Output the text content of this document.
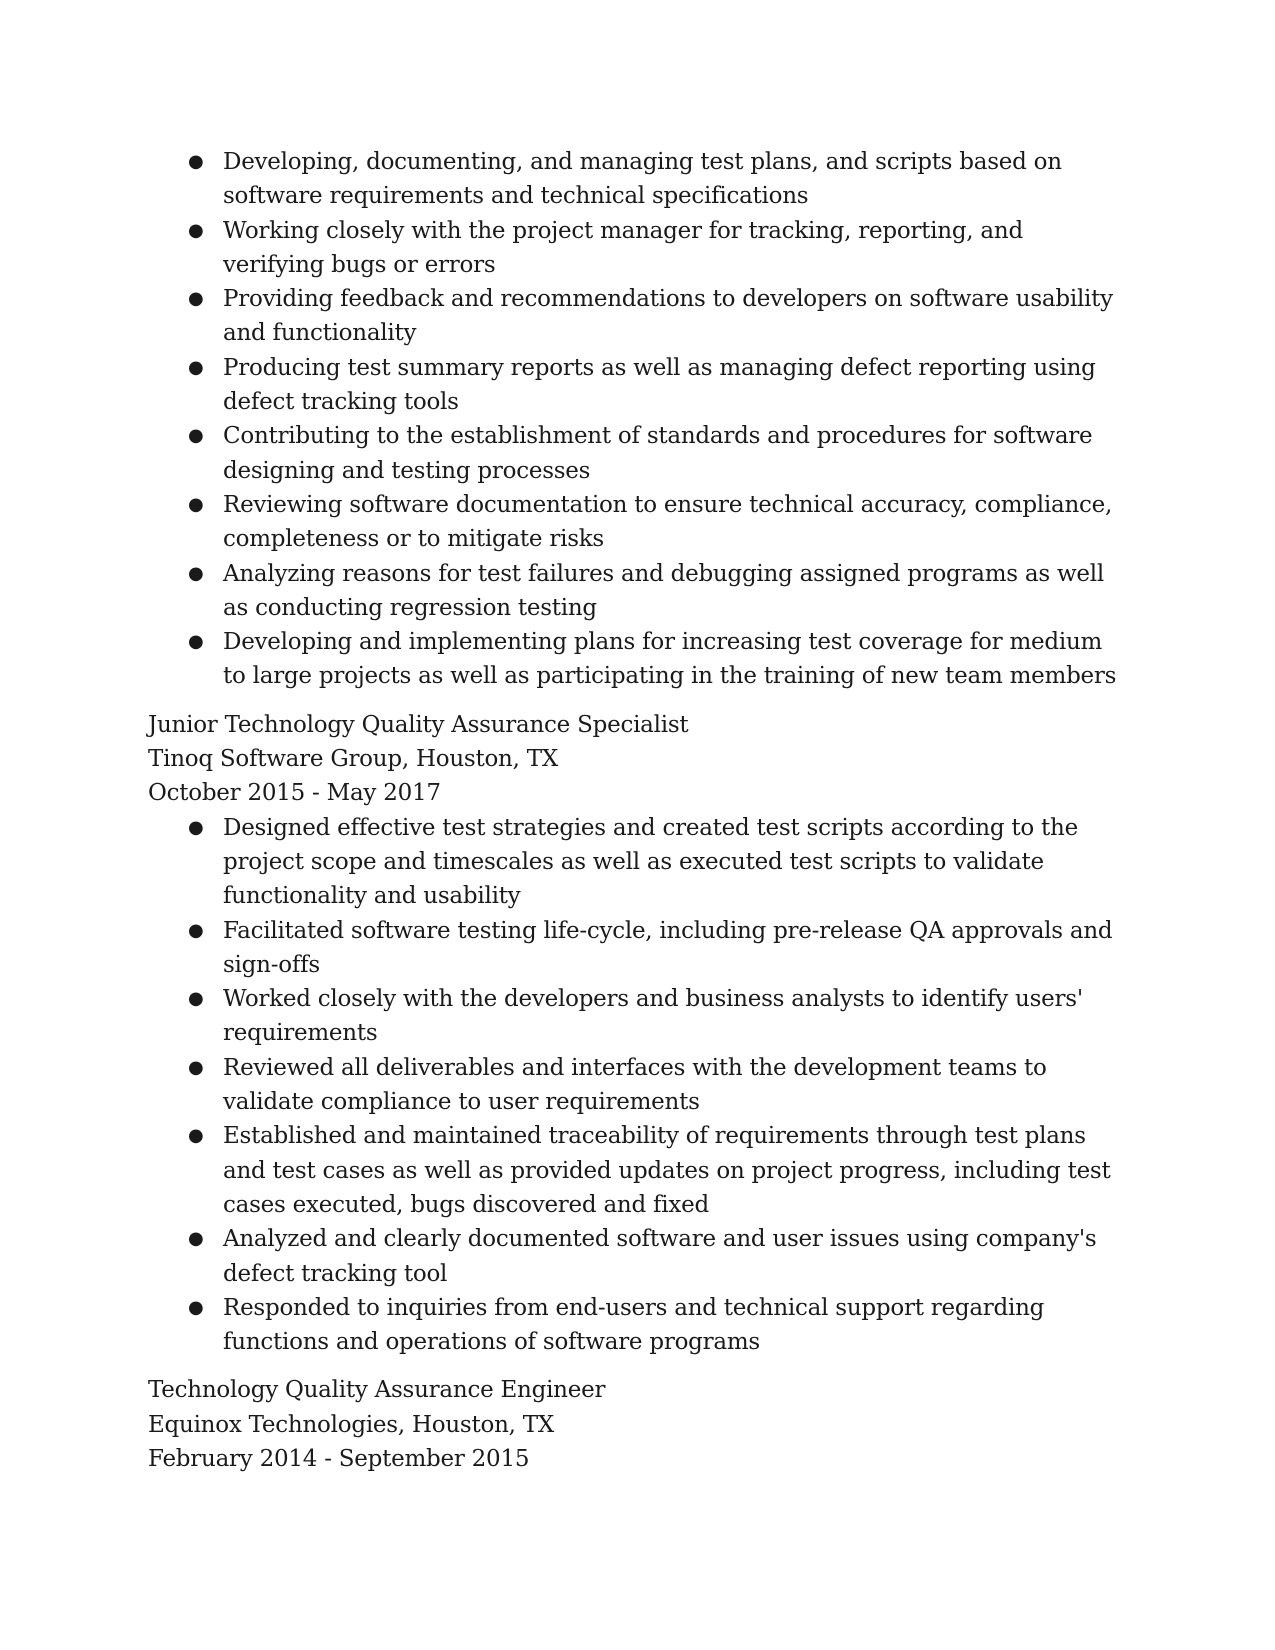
● Developing, documenting, and managing test plans, and scripts based on software requirements and technical specifications
● Working closely with the project manager for tracking, reporting, and verifying bugs or errors
● Providing feedback and recommendations to developers on software usability and functionality
● Producing test summary reports as well as managing defect reporting using defect tracking tools
● Contributing to the establishment of standards and procedures for software designing and testing processes
● Reviewing software documentation to ensure technical accuracy, compliance, completeness or to mitigate risks
● Analyzing reasons for test failures and debugging assigned programs as well as conducting regression testing
● Developing and implementing plans for increasing test coverage for medium to large projects as well as participating in the training of new team members
Junior Technology Quality Assurance Specialist
Tinoq Software Group, Houston, TX
October 2015 - May 2017
● Designed effective test strategies and created test scripts according to the project scope and timescales as well as executed test scripts to validate functionality and usability
● Facilitated software testing life-cycle, including pre-release QA approvals and sign-offs
● Worked closely with the developers and business analysts to identify users' requirements
● Reviewed all deliverables and interfaces with the development teams to validate compliance to user requirements
● Established and maintained traceability of requirements through test plans and test cases as well as provided updates on project progress, including test cases executed, bugs discovered and fixed
● Analyzed and clearly documented software and user issues using company's defect tracking tool
● Responded to inquiries from end-users and technical support regarding functions and operations of software programs
Technology Quality Assurance Engineer
Equinox Technologies, Houston, TX
February 2014 - September 2015
